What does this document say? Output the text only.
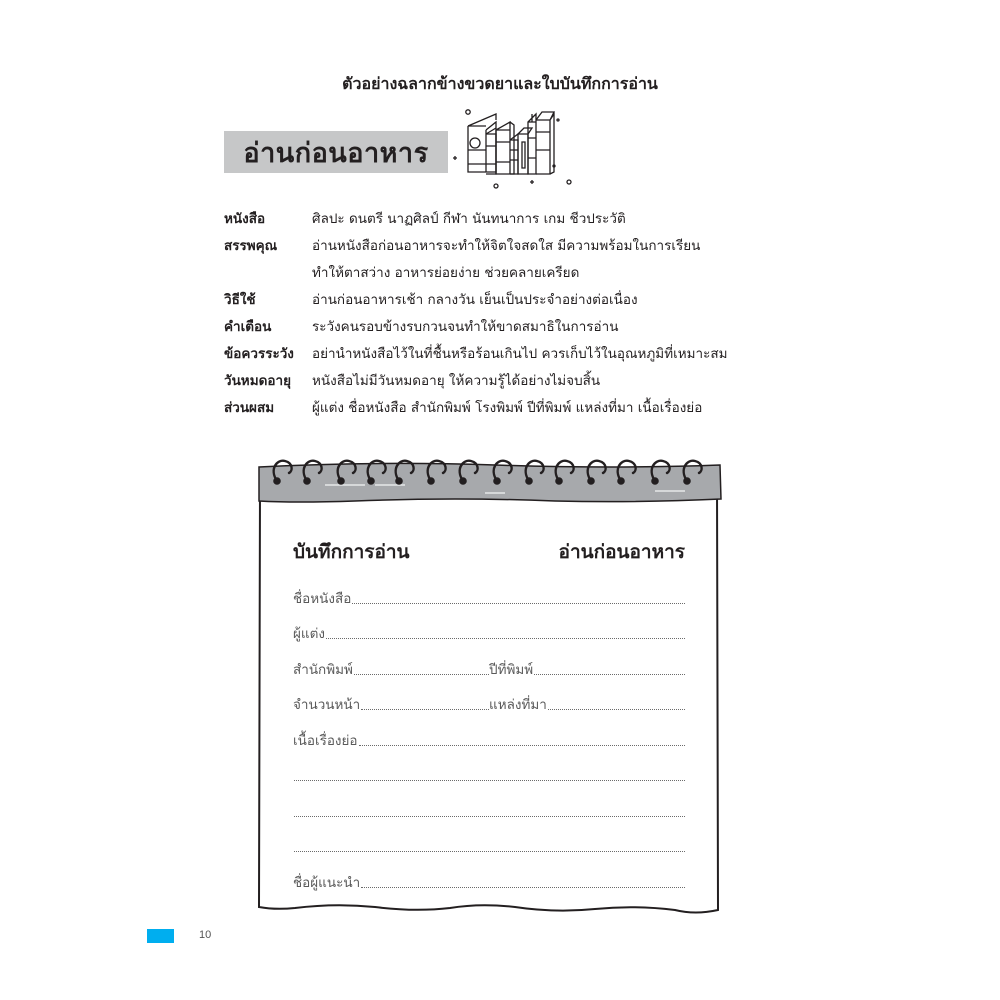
ตัวอย่างฉลากข้างขวดยาและใบบันทึกการอ่าน
อ่านก่อนอาหาร
หนังสือ	ศิลปะ ดนตรี นาฏศิลป์ กีฬา นันทนาการ เกม ชีวประวัติ
สรรพคุณ	อ่านหนังสือก่อนอาหารจะทำให้จิตใจสดใส มีความพร้อมในการเรียน
ทำให้ตาสว่าง อาหารย่อยง่าย ช่วยคลายเครียด
วิธีใช้	อ่านก่อนอาหารเช้า กลางวัน เย็นเป็นประจำอย่างต่อเนื่อง
คำเตือน	ระวังคนรอบข้างรบกวนจนทำให้ขาดสมาธิในการอ่าน
ข้อควรระวัง	อย่านำหนังสือไว้ในที่ชื้นหรือร้อนเกินไป ควรเก็บไว้ในอุณหภูมิที่เหมาะสม
วันหมดอายุ	หนังสือไม่มีวันหมดอายุ ให้ความรู้ได้อย่างไม่จบสิ้น
ส่วนผสม	ผู้แต่ง ชื่อหนังสือ สำนักพิมพ์ โรงพิมพ์ ปีที่พิมพ์ แหล่งที่มา เนื้อเรื่องย่อ
บันทึกการอ่าน	อ่านก่อนอาหาร
ชื่อหนังสือ
ผู้แต่ง
สำนักพิมพ์	ปีที่พิมพ์
จำนวนหน้า	แหล่งที่มา
เนื้อเรื่องย่อ
ชื่อผู้แนะนำ
10
